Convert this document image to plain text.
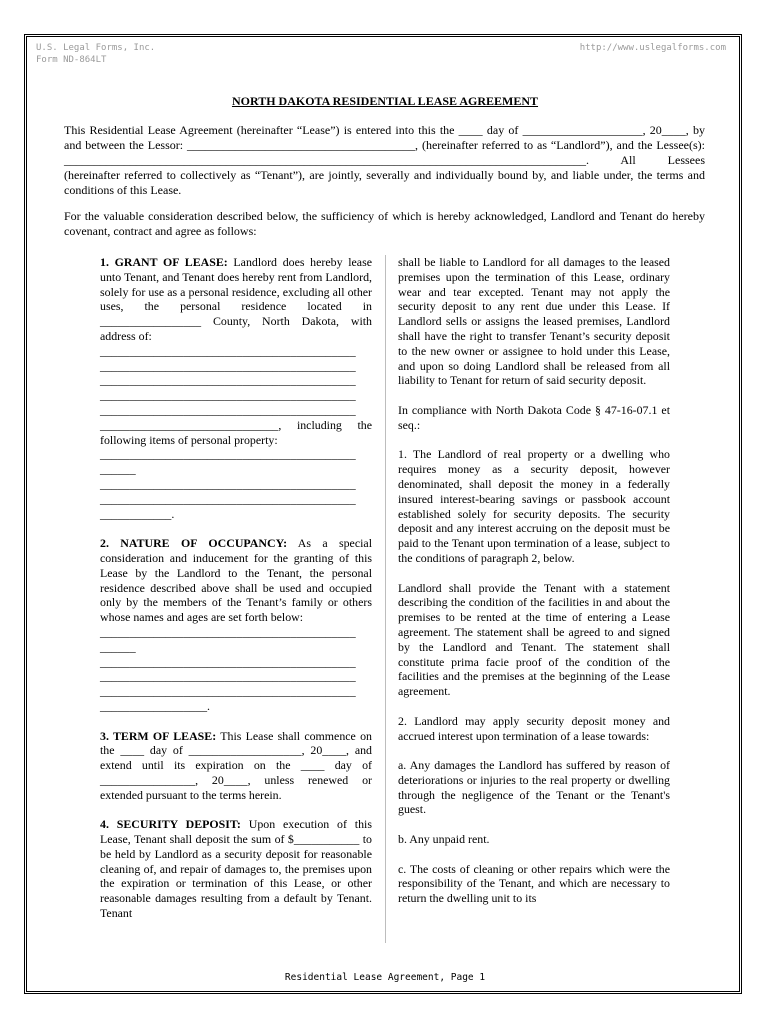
U.S. Legal Forms, Inc.
Form ND-864LT
http://www.uslegalforms.com
NORTH DAKOTA RESIDENTIAL LEASE AGREEMENT

This Residential Lease Agreement (hereinafter “Lease”) is entered into this the ____ day of ____________________, 20____, by and between the Lessor: ______________________________________, (hereinafter referred to as “Landlord”), and the Lessee(s): _______________________________________________________________________________________. All Lessees (hereinafter referred to collectively as “Tenant”), are jointly, severally and individually bound by, and liable under, the terms and conditions of this Lease.

For the valuable consideration described below, the sufficiency of which is hereby acknowledged, Landlord and Tenant do hereby covenant, contract and agree as follows:

1. GRANT OF LEASE: Landlord does hereby lease unto Tenant, and Tenant does hereby rent from Landlord, solely for use as a personal residence, excluding all other uses, the personal residence located in _________________ County, North Dakota, with address of:

___________________________________________
___________________________________________
___________________________________________
___________________________________________
___________________________________________

______________________________, including the following items of personal property:

___________________________________________
______
___________________________________________
___________________________________________
____________.

2. NATURE OF OCCUPANCY: As a special consideration and inducement for the granting of this Lease by the Landlord to the Tenant, the personal residence described above shall be used and occupied only by the members of the Tenant’s family or others whose names and ages are set forth below:

___________________________________________
______
___________________________________________
___________________________________________
___________________________________________
__________________.

3. TERM OF LEASE: This Lease shall commence on the ____ day of ___________________, 20____, and extend until its expiration on the ____ day of ________________, 20____, unless renewed or extended pursuant to the terms herein.

4. SECURITY DEPOSIT: Upon execution of this Lease, Tenant shall deposit the sum of $___________ to be held by Landlord as a security deposit for reasonable cleaning of, and repair of damages to, the premises upon the expiration or termination of this Lease, or other reasonable damages resulting from a default by Tenant. Tenant

shall be liable to Landlord for all damages to the leased premises upon the termination of this Lease, ordinary wear and tear excepted. Tenant may not apply the security deposit to any rent due under this Lease. If Landlord sells or assigns the leased premises, Landlord shall have the right to transfer Tenant’s security deposit to the new owner or assignee to hold under this Lease, and upon so doing Landlord shall be released from all liability to Tenant for return of said security deposit.

In compliance with North Dakota Code § 47-16-07.1 et seq.:

1. The Landlord of real property or a dwelling who requires money as a security deposit, however denominated, shall deposit the money in a federally insured interest-bearing savings or passbook account established solely for security deposits. The security deposit and any interest accruing on the deposit must be paid to the Tenant upon termination of a lease, subject to the conditions of paragraph 2, below.

Landlord shall provide the Tenant with a statement describing the condition of the facilities in and about the premises to be rented at the time of entering a Lease agreement. The statement shall be agreed to and signed by the Landlord and Tenant. The statement shall constitute prima facie proof of the condition of the facilities and the premises at the beginning of the Lease agreement.

2. Landlord may apply security deposit money and accrued interest upon termination of a lease towards:

a. Any damages the Landlord has suffered by reason of deteriorations or injuries to the real property or dwelling through the negligence of the Tenant or the Tenant's guest.

b. Any unpaid rent.

c. The costs of cleaning or other repairs which were the responsibility of the Tenant, and which are necessary to return the dwelling unit to its

Residential Lease Agreement, Page 1
